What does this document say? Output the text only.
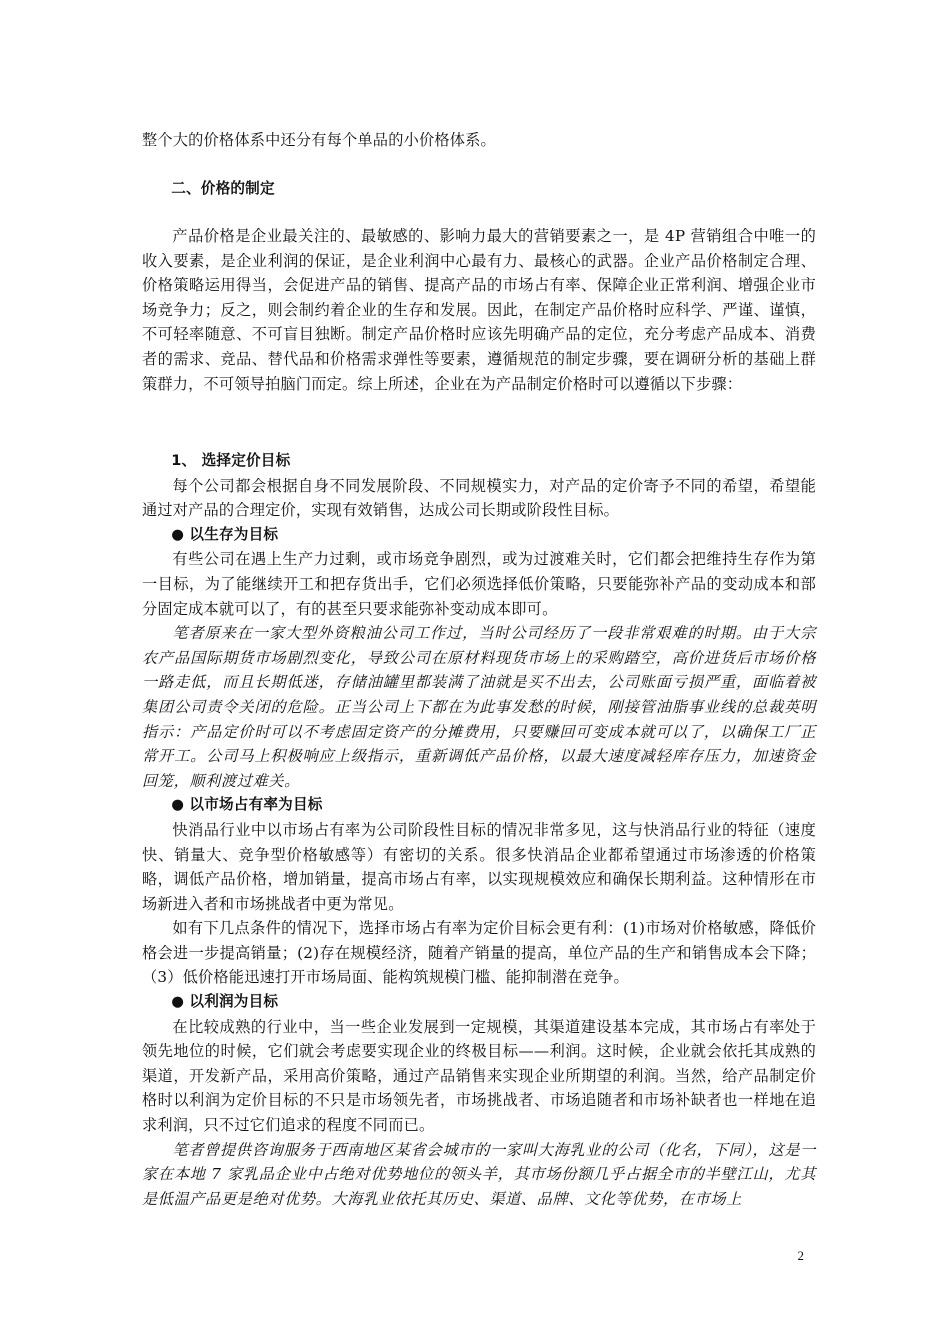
整个大的价格体系中还分有每个单品的小价格体系。

二、价格的制定

产品价格是企业最关注的、最敏感的、影响力最大的营销要素之一，是 4P 营销组合中唯一的收入要素，是企业利润的保证，是企业利润中心最有力、最核心的武器。企业产品价格制定合理、价格策略运用得当，会促进产品的销售、提高产品的市场占有率、保障企业正常利润、增强企业市场竞争力；反之，则会制约着企业的生存和发展。因此，在制定产品价格时应科学、严谨、谨慎，不可轻率随意、不可盲目独断。制定产品价格时应该先明确产品的定位，充分考虑产品成本、消费者的需求、竞品、替代品和价格需求弹性等要素，遵循规范的制定步骤，要在调研分析的基础上群策群力，不可领导拍脑门而定。综上所述，企业在为产品制定价格时可以遵循以下步骤：

1、 选择定价目标

每个公司都会根据自身不同发展阶段、不同规模实力，对产品的定价寄予不同的希望，希望能通过对产品的合理定价，实现有效销售，达成公司长期或阶段性目标。

● 以生存为目标

有些公司在遇上生产力过剩，或市场竞争剧烈，或为过渡难关时，它们都会把维持生存作为第一目标，为了能继续开工和把存货出手，它们必须选择低价策略，只要能弥补产品的变动成本和部分固定成本就可以了，有的甚至只要求能弥补变动成本即可。

笔者原来在一家大型外资粮油公司工作过，当时公司经历了一段非常艰难的时期。由于大宗农产品国际期货市场剧烈变化，导致公司在原材料现货市场上的采购踏空，高价进货后市场价格一路走低，而且长期低迷，存储油罐里都装满了油就是买不出去，公司账面亏损严重，面临着被集团公司责令关闭的危险。正当公司上下都在为此事发愁的时候，刚接管油脂事业线的总裁英明指示：产品定价时可以不考虑固定资产的分摊费用，只要赚回可变成本就可以了，以确保工厂正常开工。公司马上积极响应上级指示，重新调低产品价格，以最大速度减轻库存压力，加速资金回笼，顺利渡过难关。

● 以市场占有率为目标

快消品行业中以市场占有率为公司阶段性目标的情况非常多见，这与快消品行业的特征（速度快、销量大、竞争型价格敏感等）有密切的关系。很多快消品企业都希望通过市场渗透的价格策略，调低产品价格，增加销量，提高市场占有率，以实现规模效应和确保长期利益。这种情形在市场新进入者和市场挑战者中更为常见。

如有下几点条件的情况下，选择市场占有率为定价目标会更有利：(1)市场对价格敏感，降低价格会进一步提高销量；(2)存在规模经济，随着产销量的提高，单位产品的生产和销售成本会下降；（3）低价格能迅速打开市场局面、能构筑规模门槛、能抑制潜在竞争。

● 以利润为目标

在比较成熟的行业中，当一些企业发展到一定规模，其渠道建设基本完成，其市场占有率处于领先地位的时候，它们就会考虑要实现企业的终极目标——利润。这时候，企业就会依托其成熟的渠道，开发新产品，采用高价策略，通过产品销售来实现企业所期望的利润。当然，给产品制定价格时以利润为定价目标的不只是市场领先者，市场挑战者、市场追随者和市场补缺者也一样地在追求利润，只不过它们追求的程度不同而已。

笔者曾提供咨询服务于西南地区某省会城市的一家叫大海乳业的公司（化名，下同），这是一家在本地 7 家乳品企业中占绝对优势地位的领头羊，其市场份额几乎占据全市的半壁江山，尤其是低温产品更是绝对优势。大海乳业依托其历史、渠道、品牌、文化等优势，在市场上

2
